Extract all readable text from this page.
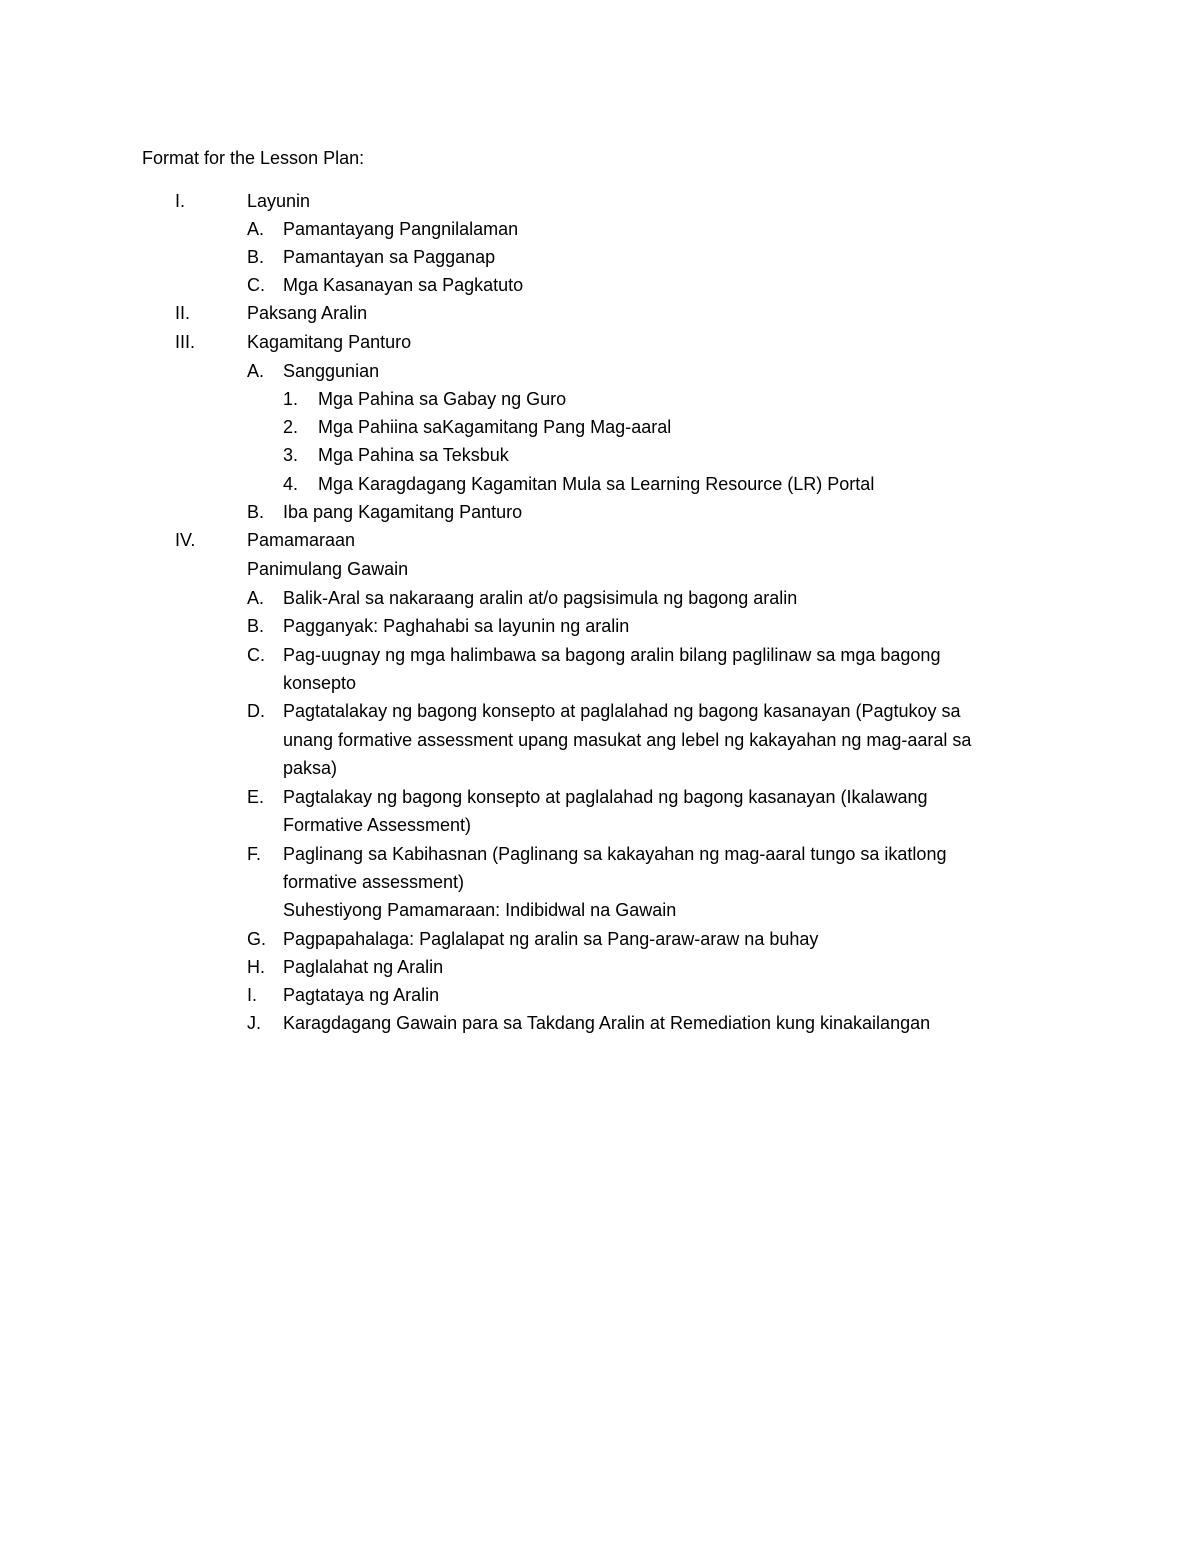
Format for the Lesson Plan:
I.	Layunin
A. Pamantayang Pangnilalaman
B. Pamantayan sa Pagganap
C. Mga Kasanayan sa Pagkatuto
II.	Paksang Aralin
III.	Kagamitang Panturo
A. Sanggunian
1. Mga Pahina sa Gabay ng Guro
2. Mga Pahiina saKagamitang Pang Mag-aaral
3. Mga Pahina sa Teksbuk
4. Mga Karagdagang Kagamitan Mula sa Learning Resource (LR) Portal
B. Iba pang Kagamitang Panturo
IV.	Pamamaraan
Panimulang Gawain
A. Balik-Aral sa nakaraang aralin at/o pagsisimula ng bagong aralin
B. Pagganyak: Paghahabi sa layunin ng aralin
C. Pag-uugnay ng mga halimbawa sa bagong aralin bilang paglilinaw sa mga bagong
konsepto
D. Pagtatalakay ng bagong konsepto at paglalahad ng bagong kasanayan (Pagtukoy sa
unang formative assessment upang masukat ang lebel ng kakayahan ng mag-aaral sa
paksa)
E. Pagtalakay ng bagong konsepto at paglalahad ng bagong kasanayan (Ikalawang
Formative Assessment)
F. Paglinang sa Kabihasnan (Paglinang sa kakayahan ng mag-aaral tungo sa ikatlong
formative assessment)
Suhestiyong Pamamaraan: Indibidwal na Gawain
G. Pagpapahalaga: Paglalapat ng aralin sa Pang-araw-araw na buhay
H. Paglalahat ng Aralin
I. Pagtataya ng Aralin
J. Karagdagang Gawain para sa Takdang Aralin at Remediation kung kinakailangan
